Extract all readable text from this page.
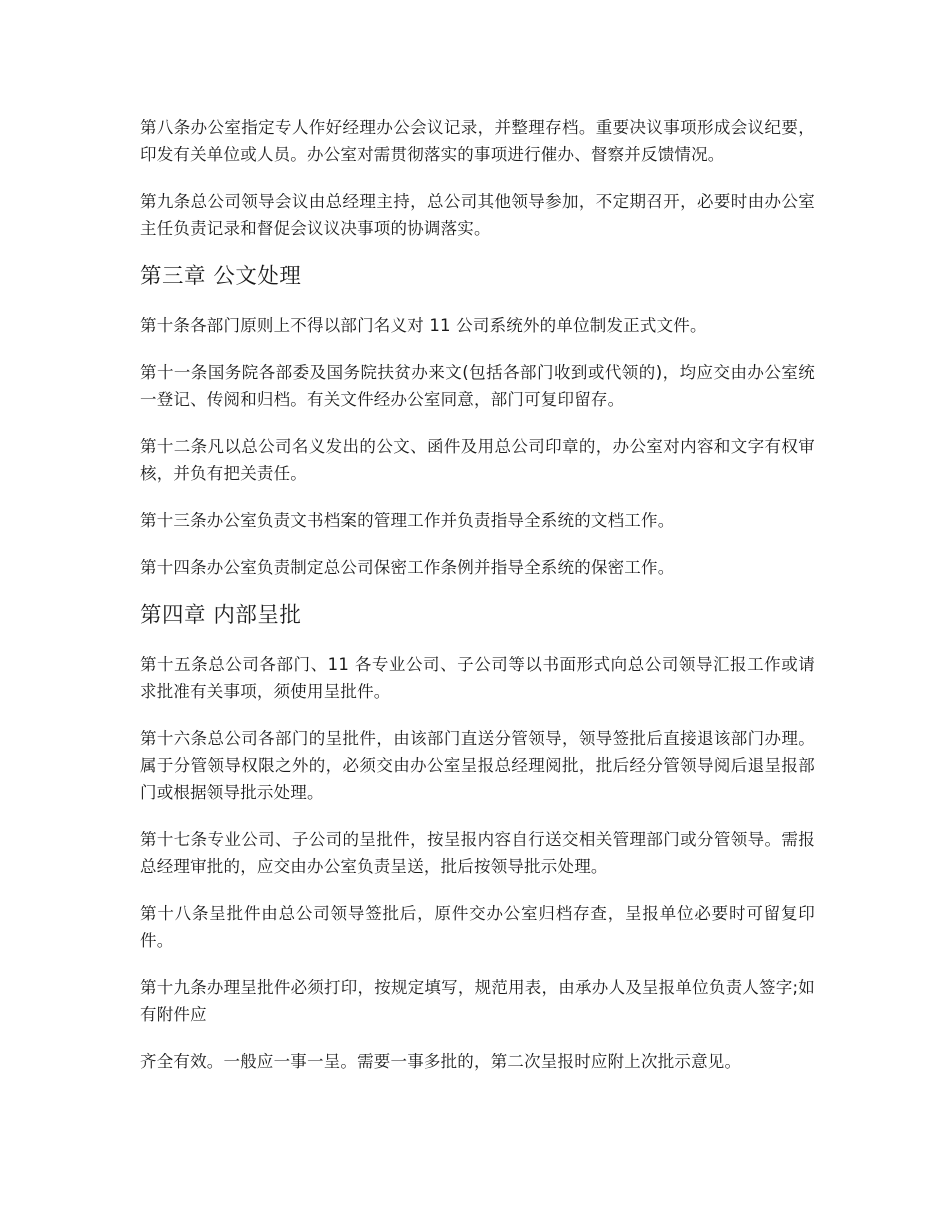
第八条办公室指定专人作好经理办公会议记录，并整理存档。重要决议事项形成会议纪要，印发有关单位或人员。办公室对需贯彻落实的事项进行催办、督察并反馈情况。

第九条总公司领导会议由总经理主持，总公司其他领导参加，不定期召开，必要时由办公室主任负责记录和督促会议议决事项的协调落实。

第三章 公文处理

第十条各部门原则上不得以部门名义对 11 公司系统外的单位制发正式文件。

第十一条国务院各部委及国务院扶贫办来文(包括各部门收到或代领的)，均应交由办公室统一登记、传阅和归档。有关文件经办公室同意，部门可复印留存。

第十二条凡以总公司名义发出的公文、函件及用总公司印章的，办公室对内容和文字有权审核，并负有把关责任。

第十三条办公室负责文书档案的管理工作并负责指导全系统的文档工作。

第十四条办公室负责制定总公司保密工作条例并指导全系统的保密工作。

第四章 内部呈批

第十五条总公司各部门、11 各专业公司、子公司等以书面形式向总公司领导汇报工作或请求批准有关事项，须使用呈批件。

第十六条总公司各部门的呈批件，由该部门直送分管领导，领导签批后直接退该部门办理。属于分管领导权限之外的，必须交由办公室呈报总经理阅批，批后经分管领导阅后退呈报部门或根据领导批示处理。

第十七条专业公司、子公司的呈批件，按呈报内容自行送交相关管理部门或分管领导。需报总经理审批的，应交由办公室负责呈送，批后按领导批示处理。

第十八条呈批件由总公司领导签批后，原件交办公室归档存查，呈报单位必要时可留复印件。

第十九条办理呈批件必须打印，按规定填写，规范用表，由承办人及呈报单位负责人签字;如有附件应

齐全有效。一般应一事一呈。需要一事多批的，第二次呈报时应附上次批示意见。
